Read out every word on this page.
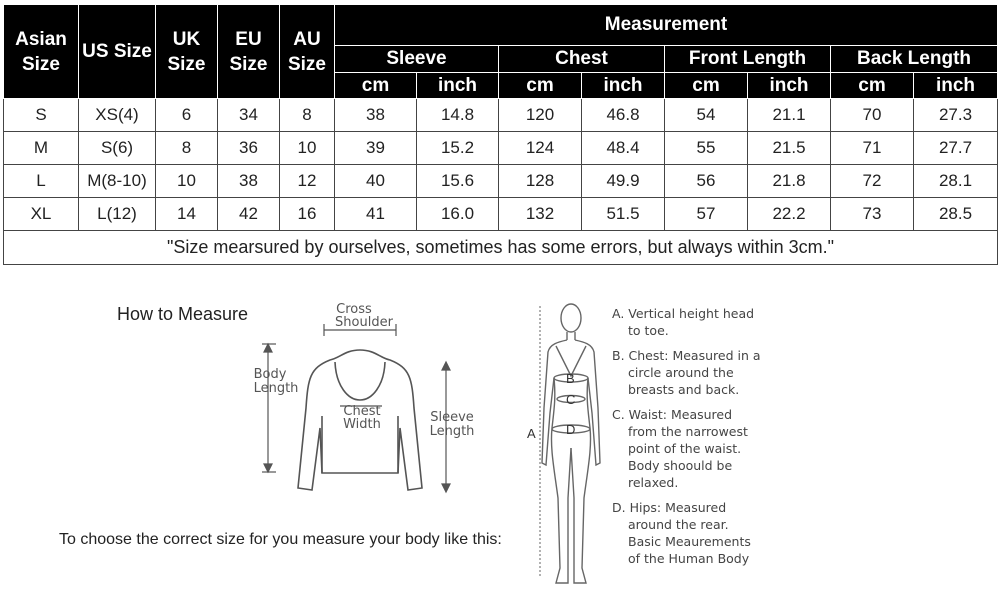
Asian Size	US Size	UK Size	EU Size	AU Size	Measurement							
					Sleeve		Chest		Front Length		Back Length	
					cm	inch	cm	inch	cm	inch	cm	inch
S	XS(4)	6	34	8	38	14.8	120	46.8	54	21.1	70	27.3
M	S(6)	8	36	10	39	15.2	124	48.4	55	21.5	71	27.7
L	M(8-10)	10	38	12	40	15.6	128	49.9	56	21.8	72	28.1
XL	L(12)	14	42	16	41	16.0	132	51.5	57	22.2	73	28.5
"Size mearsured by ourselves, sometimes has some errors, but always within 3cm."												
How to Measure	Cross
Shoulder
Body
Length
Chest
Width	Sleeve
Length
To choose the correct size for you measure your body like this:
B
C
D
A
A. Vertical height head
to toe.
B. Chest: Measured in a
circle around the
breasts and back.
C. Waist: Measured
from the narrowest
point of the waist.
Body shoould be
relaxed.
D. Hips: Measured
around the rear.
Basic Meaurements
of the Human Body
